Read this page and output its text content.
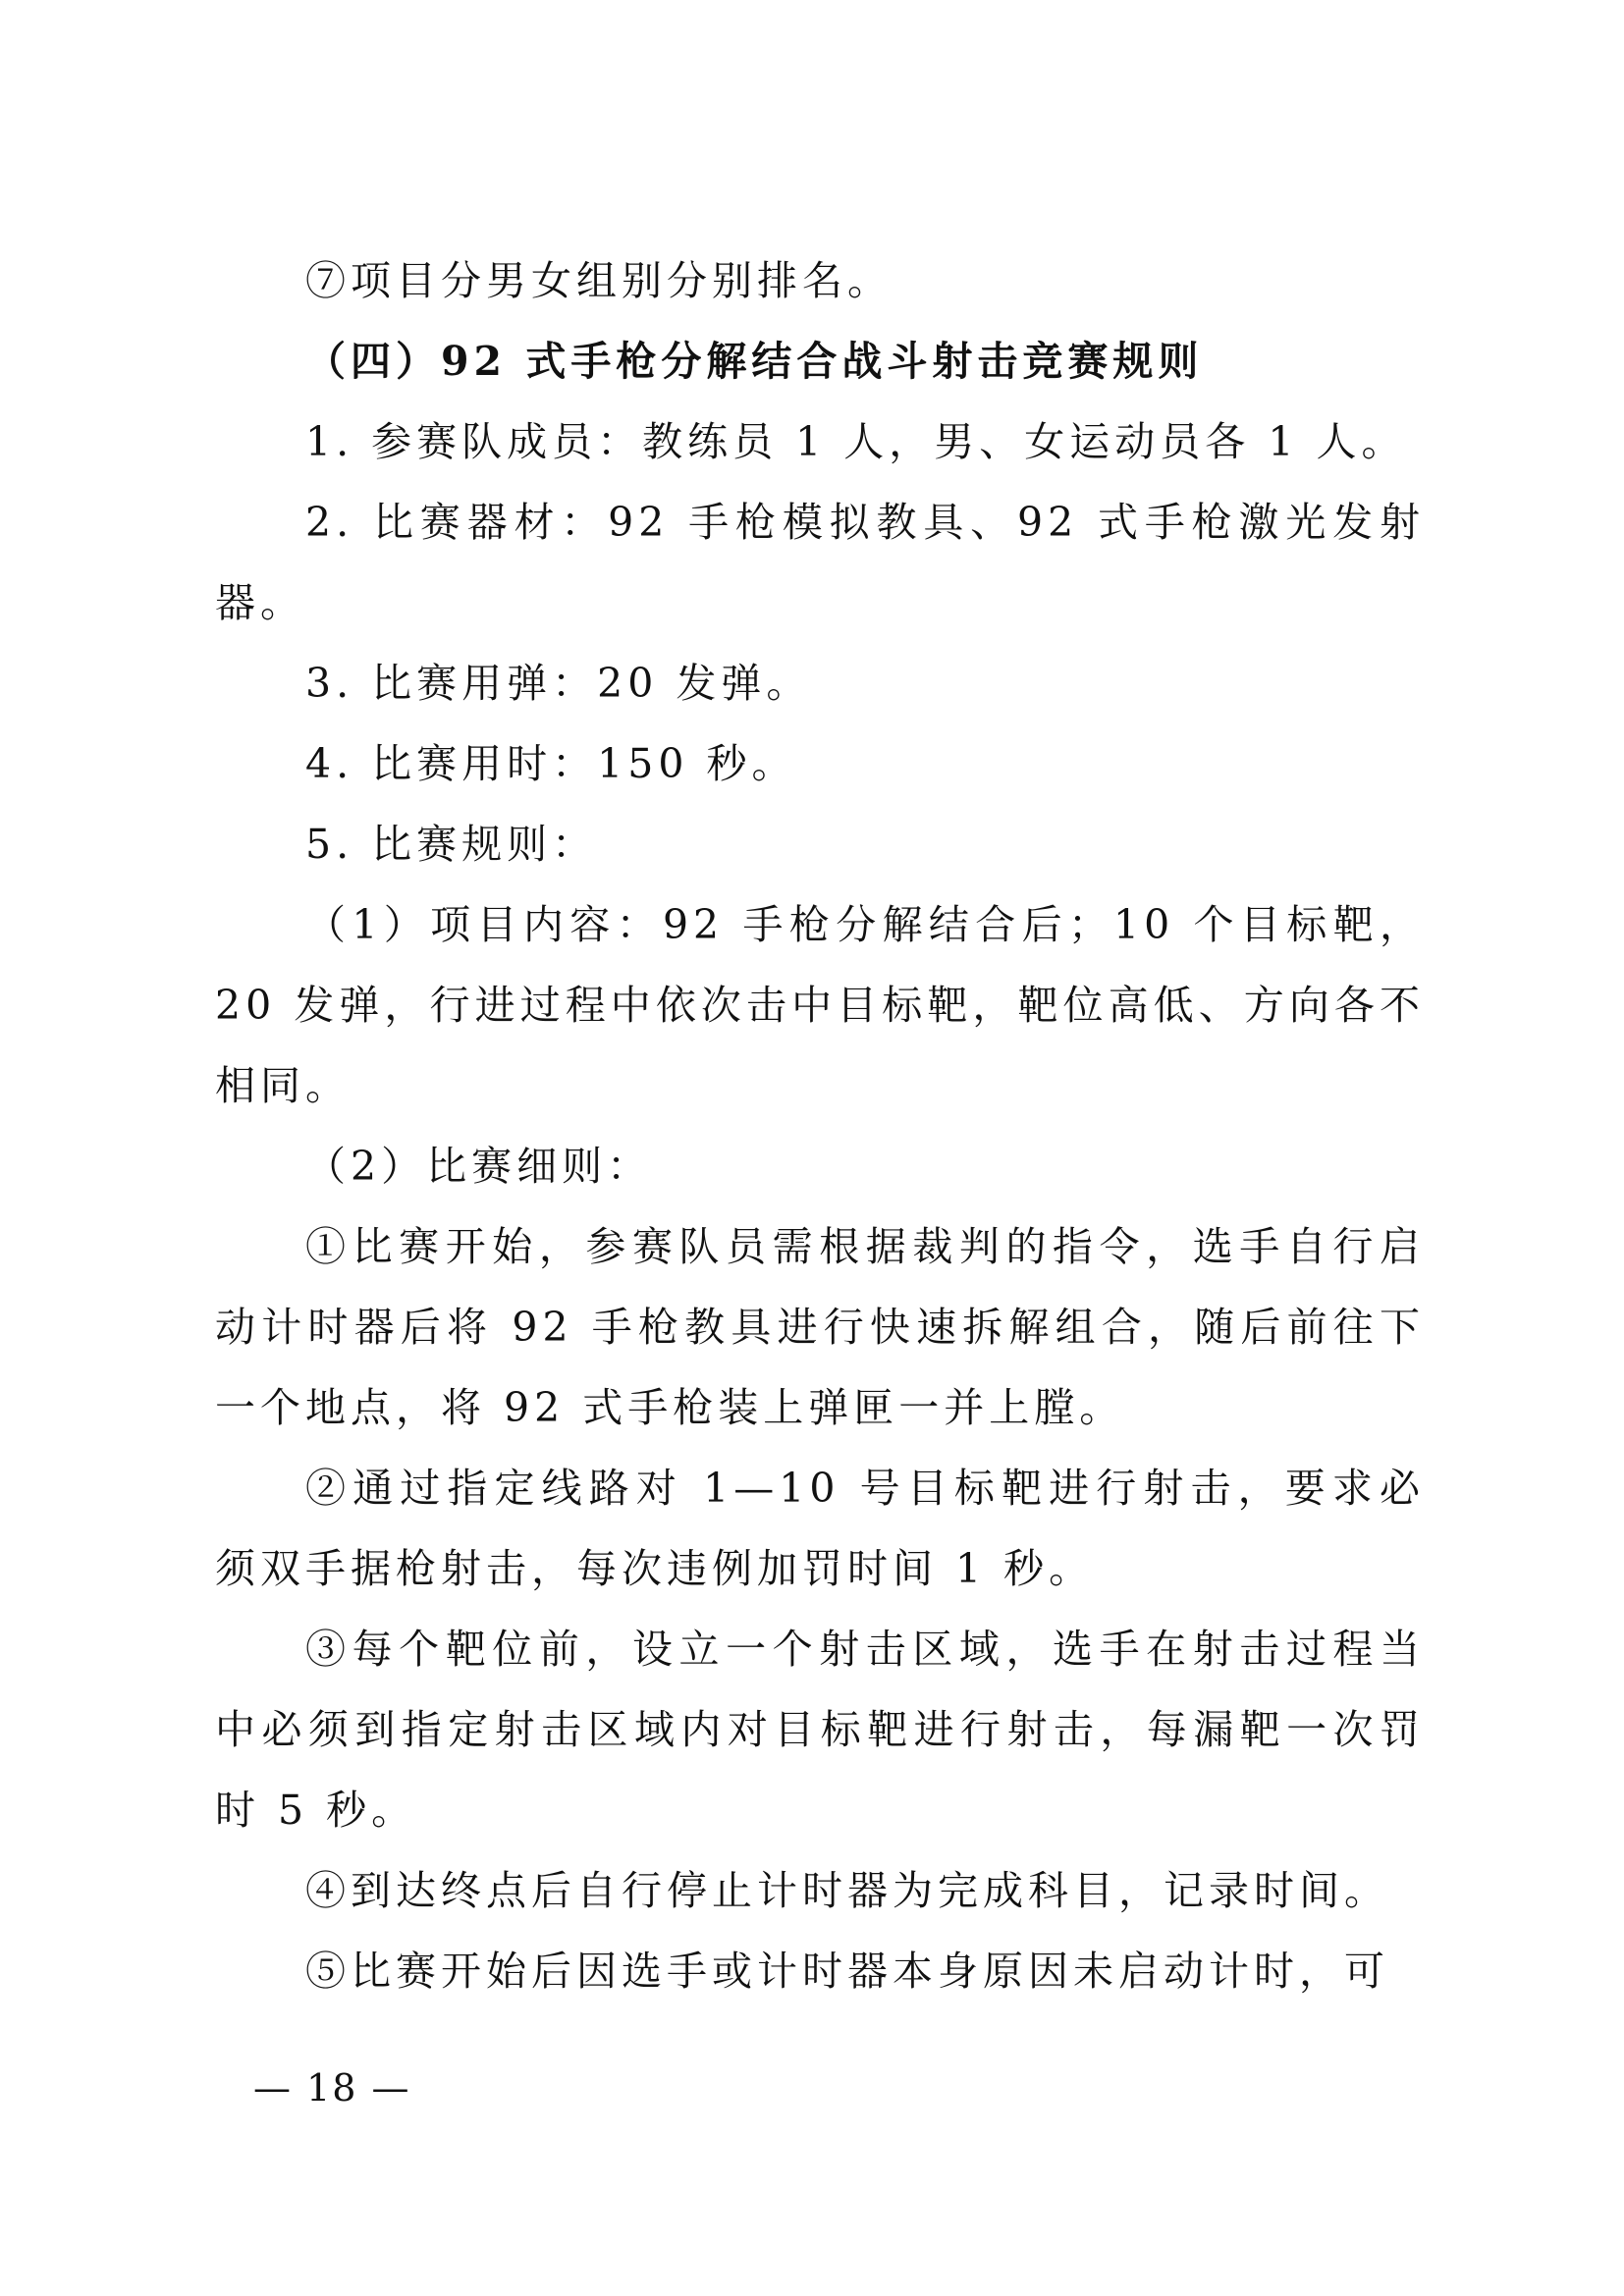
⑦项目分男女组别分别排名。

（四）92 式手枪分解结合战斗射击竞赛规则

1. 参赛队成员：教练员 1 人，男、女运动员各 1 人。

2. 比赛器材：92 手枪模拟教具、92 式手枪激光发射器。

3. 比赛用弹：20 发弹。

4. 比赛用时：150 秒。

5. 比赛规则：

（1）项目内容：92 手枪分解结合后；10 个目标靶，20 发弹，行进过程中依次击中目标靶，靶位高低、方向各不相同。

（2）比赛细则：

①比赛开始，参赛队员需根据裁判的指令，选手自行启动计时器后将 92 手枪教具进行快速拆解组合，随后前往下一个地点，将 92 式手枪装上弹匣一并上膛。

②通过指定线路对 1—10 号目标靶进行射击，要求必须双手据枪射击，每次违例加罚时间 1 秒。

③每个靶位前，设立一个射击区域，选手在射击过程当中必须到指定射击区域内对目标靶进行射击，每漏靶一次罚时 5 秒。

④到达终点后自行停止计时器为完成科目，记录时间。

⑤比赛开始后因选手或计时器本身原因未启动计时，可

— 18 —
